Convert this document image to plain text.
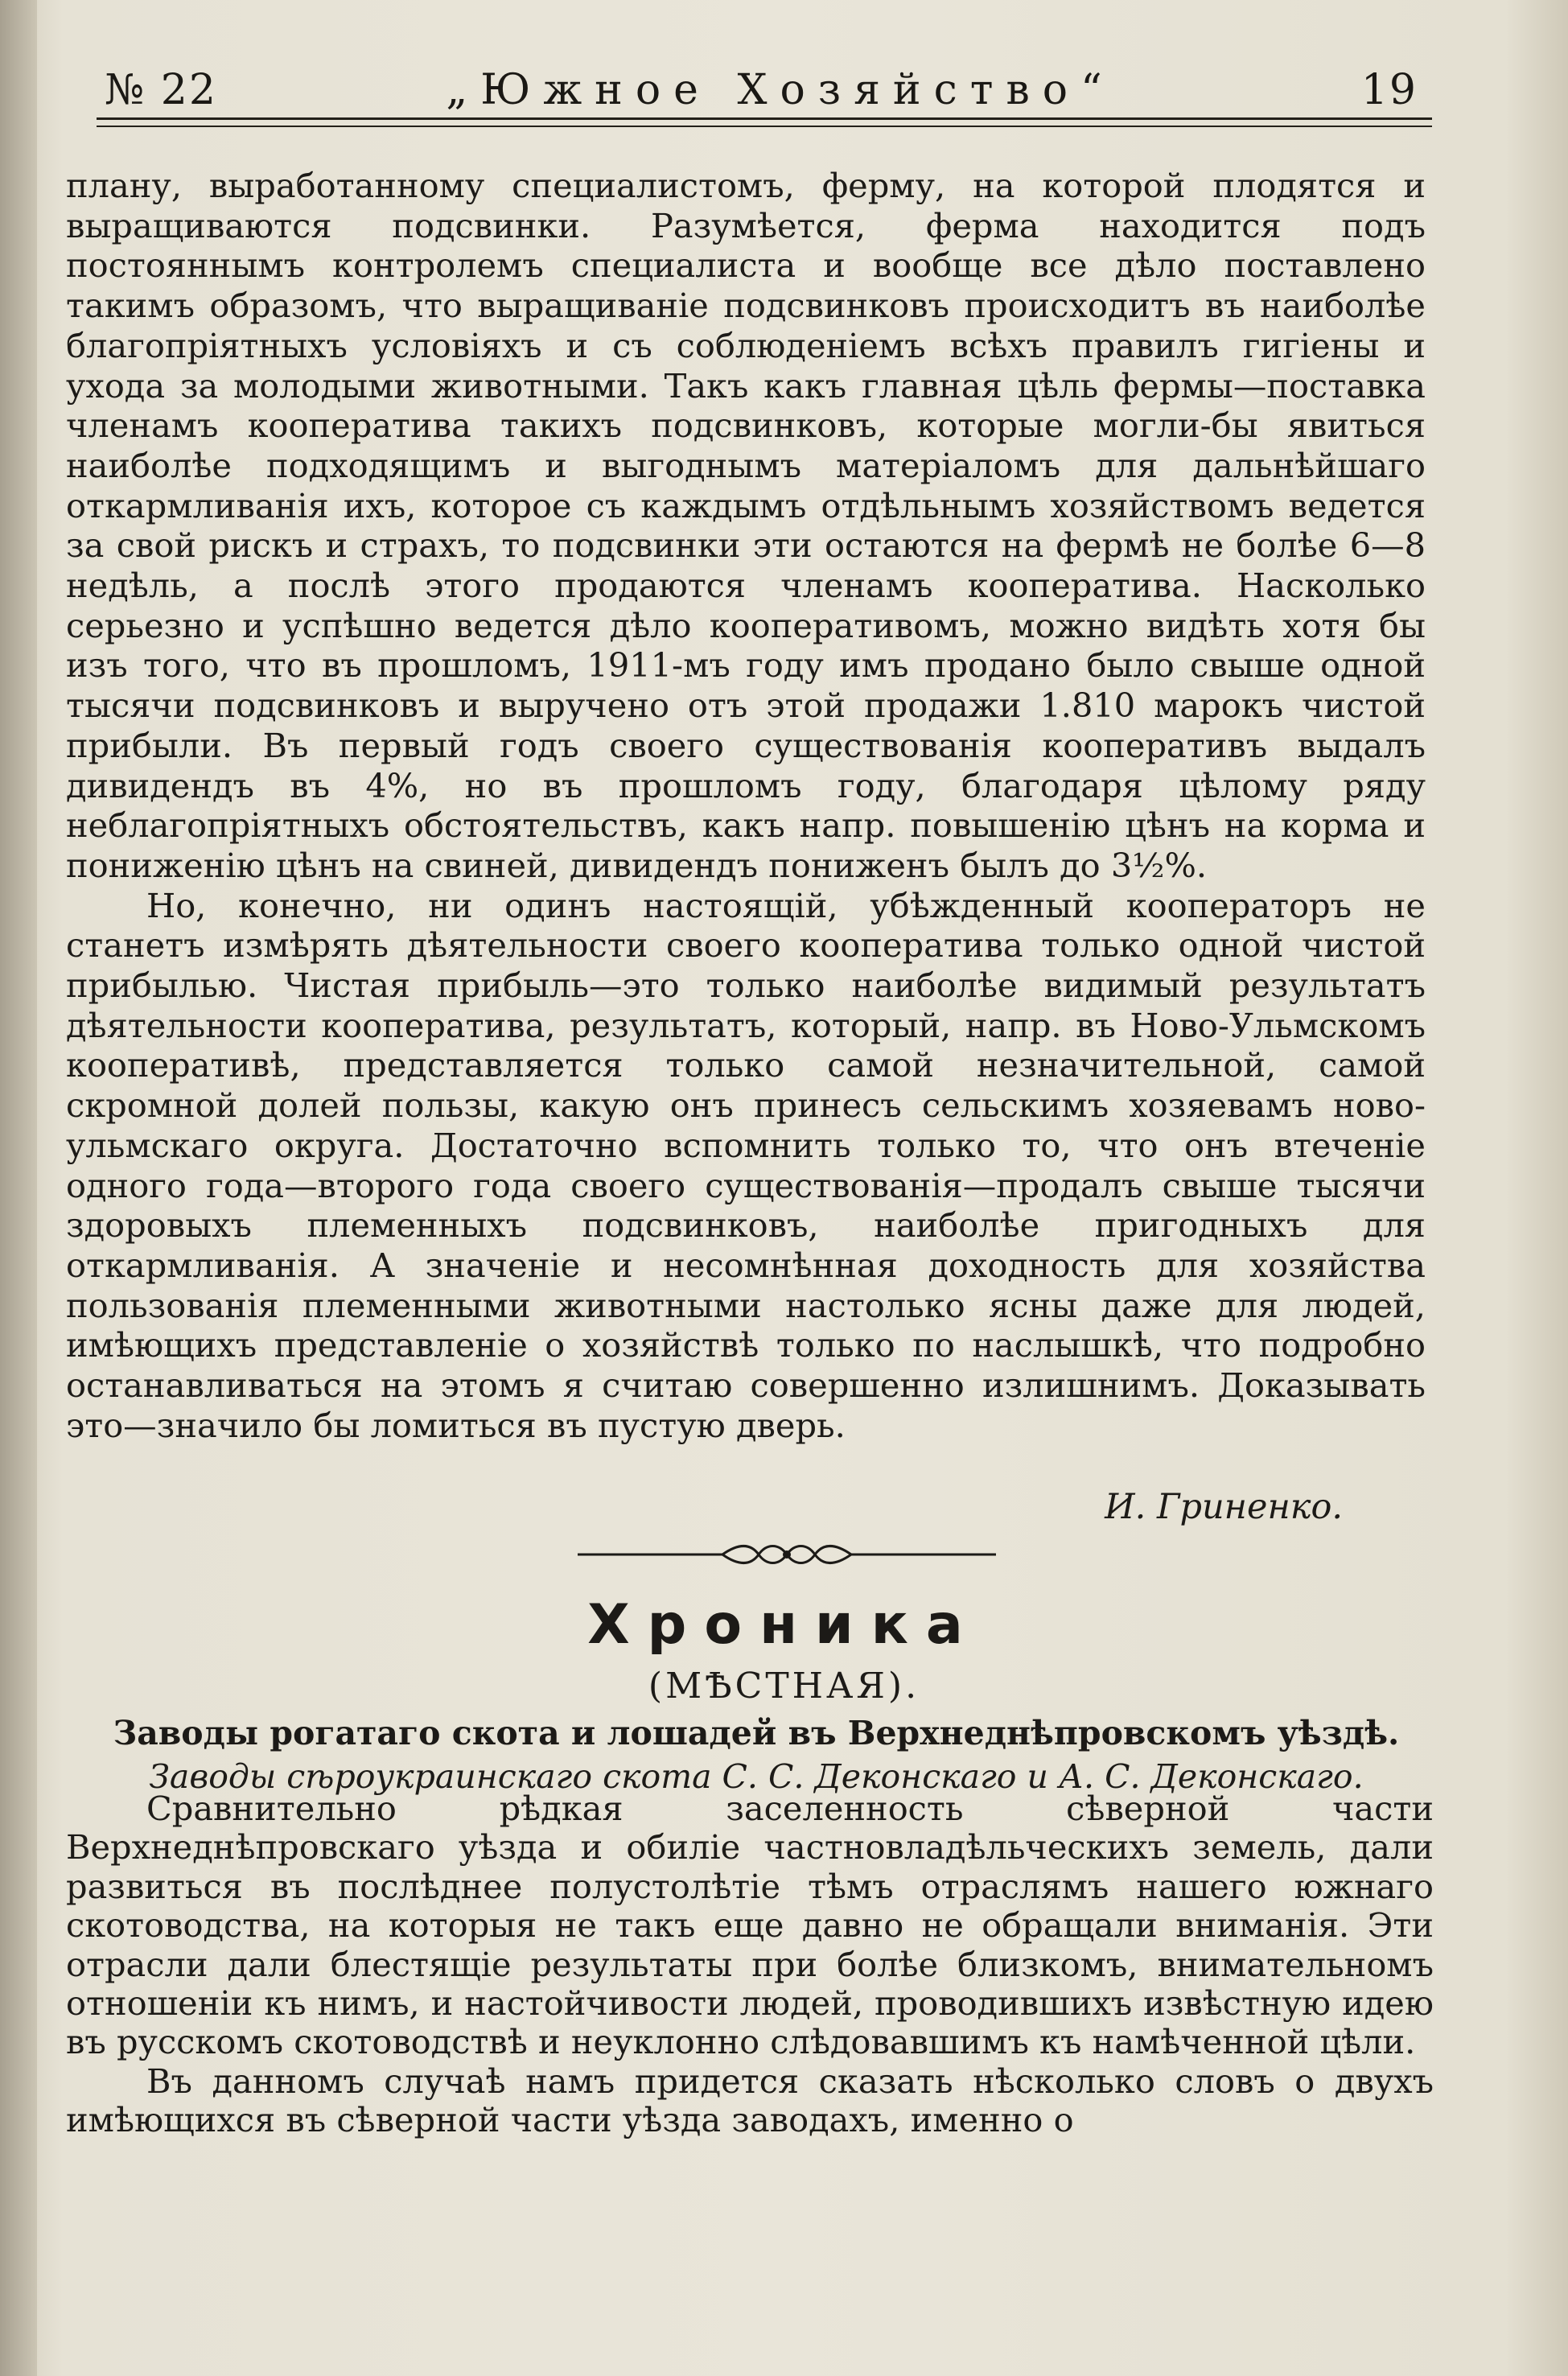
№ 22	„Южное Хозяйство“	19

плану, выработанному специалистомъ, ферму, на которой плодятся и выращиваются подсвинки. Разумѣется, ферма находится подъ постояннымъ контролемъ специалиста и вообще все дѣло поставлено такимъ образомъ, что выращиваніе подсвинковъ происходитъ въ наиболѣе благопріятныхъ условіяхъ и съ соблюденіемъ всѣхъ правилъ гигіены и ухода за молодыми животными. Такъ какъ главная цѣль фермы—поставка членамъ кооператива такихъ подсвинковъ, которые могли-бы явиться наиболѣе подходящимъ и выгоднымъ матеріаломъ для дальнѣйшаго откармливанія ихъ, которое съ каждымъ отдѣльнымъ хозяйствомъ ведется за свой рискъ и страхъ, то подсвинки эти остаются на фермѣ не болѣе 6—8 недѣль, а послѣ этого продаются членамъ кооператива. Насколько серьезно и успѣшно ведется дѣло кооперативомъ, можно видѣть хотя бы изъ того, что въ прошломъ, 1911-мъ году имъ продано было свыше одной тысячи подсвинковъ и выручено отъ этой продажи 1.810 марокъ чистой прибыли. Въ первый годъ своего существованія кооперативъ выдалъ дивидендъ въ 4%, но въ прошломъ году, благодаря цѣлому ряду неблагопріятныхъ обстоятельствъ, какъ напр. повышенію цѣнъ на корма и пониженію цѣнъ на свиней, дивидендъ пониженъ былъ до 3½%.

Но, конечно, ни одинъ настоящій, убѣжденный кооператоръ не станетъ измѣрять дѣятельности своего кооператива только одной чистой прибылью. Чистая прибыль—это только наиболѣе видимый результатъ дѣятельности кооператива, результатъ, который, напр. въ Ново-Ульмскомъ кооперативѣ, представляется только самой незначительной, самой скромной долей пользы, какую онъ принесъ сельскимъ хозяевамъ ново-ульмскаго округа. Достаточно вспомнить только то, что онъ втеченіе одного года—второго года своего существованія—продалъ свыше тысячи здоровыхъ племенныхъ подсвинковъ, наиболѣе пригодныхъ для откармливанія. А значеніе и несомнѣнная доходность для хозяйства пользованія племенными животными настолько ясны даже для людей, имѣющихъ представленіе о хозяйствѣ только по наслышкѣ, что подробно останавливаться на этомъ я считаю совершенно излишнимъ. Доказывать это—значило бы ломиться въ пустую дверь.

И. Гриненко.
Хроника
(МѢСТНАЯ).
Заводы рогатаго скота и лошадей въ Верхнеднѣпровскомъ уѣздѣ.
Заводы сѣроукраинскаго скота С. С. Деконскаго и А. С. Деконскаго.

Сравнительно рѣдкая заселенность сѣверной части Верхнеднѣпровскаго уѣзда и обиліе частновладѣльческихъ земель, дали развиться въ послѣднее полустолѣтіе тѣмъ отраслямъ нашего южнаго скотоводства, на которыя не такъ еще давно не обращали вниманія. Эти отрасли дали блестящіе результаты при болѣе близкомъ, внимательномъ отношеніи къ нимъ, и настойчивости людей, проводившихъ извѣстную идею въ русскомъ скотоводствѣ и неуклонно слѣдовавшимъ къ намѣченной цѣли.

Въ данномъ случаѣ намъ придется сказать нѣсколько словъ о двухъ имѣющихся въ сѣверной части уѣзда заводахъ, именно о
